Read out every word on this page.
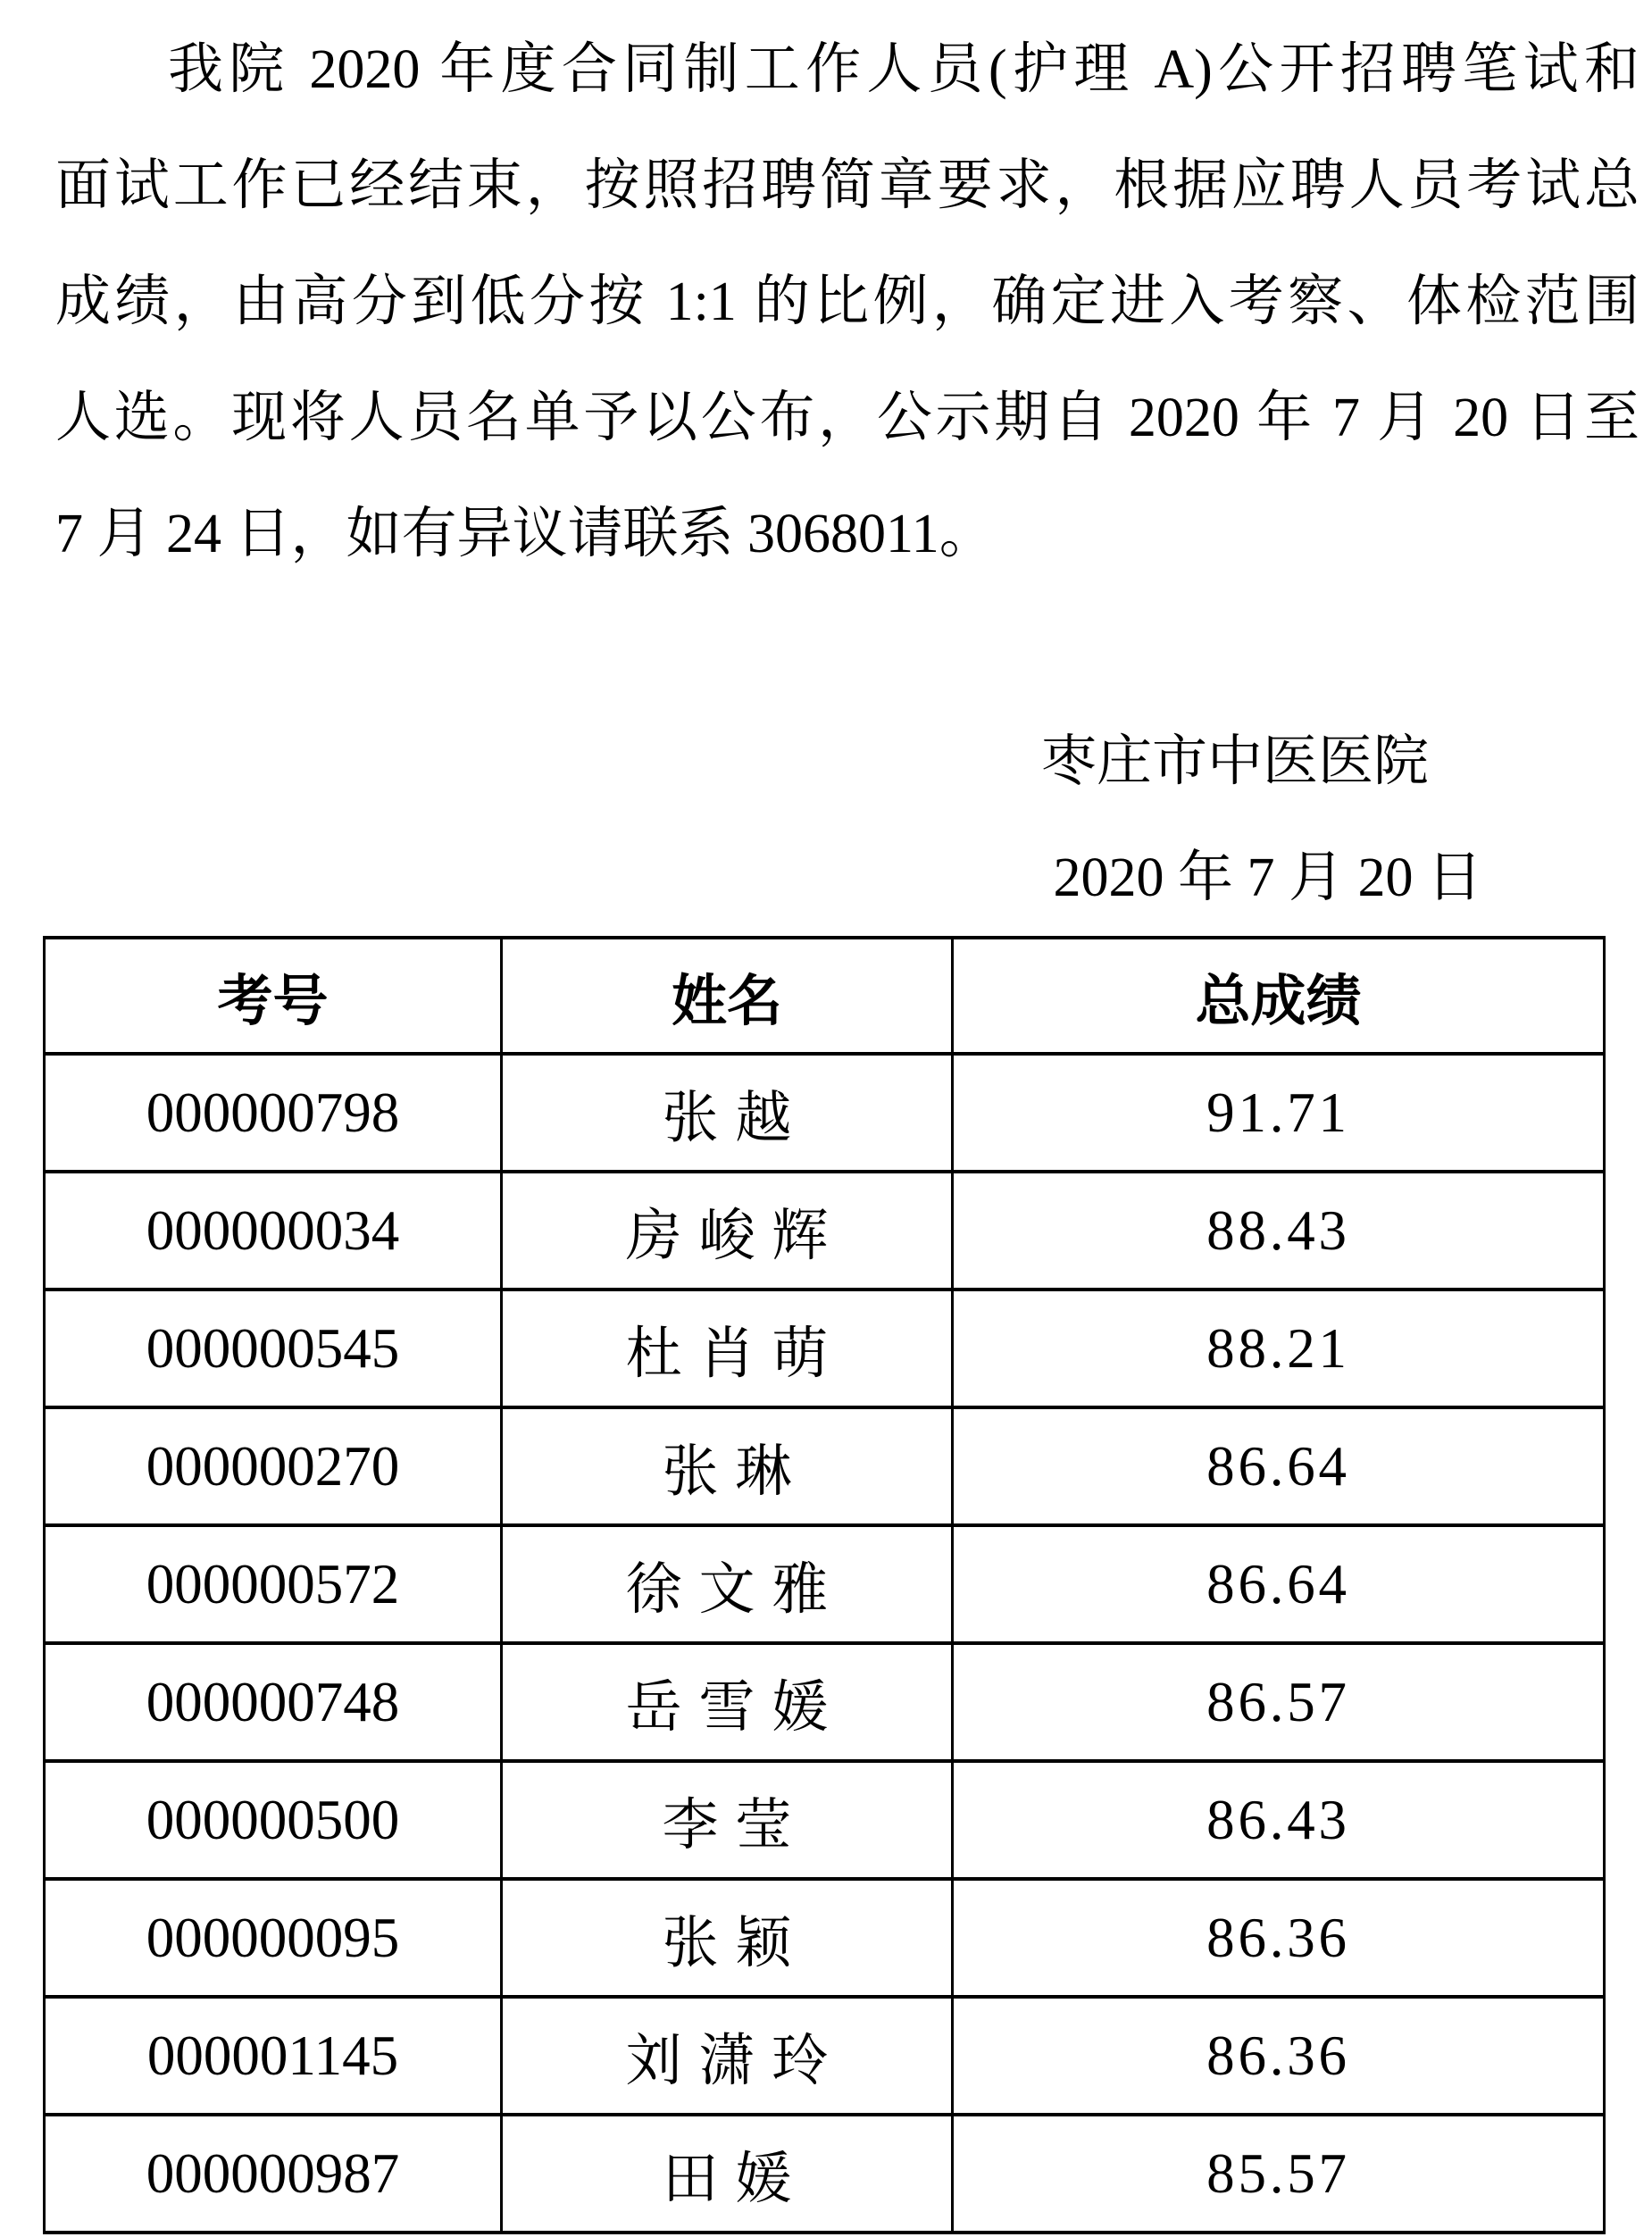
我院 2020 年度合同制工作人员(护理 A)公开招聘笔试和
面试工作已经结束，按照招聘简章要求，根据应聘人员考试总
成绩，由高分到低分按 1:1 的比例，确定进入考察、体检范围
人选。现将人员名单予以公布，公示期自 2020 年 7 月 20 日至
7 月 24 日，如有异议请联系 3068011。
枣庄市中医医院
2020 年 7 月 20 日
考号	姓名	总成绩
000000798	张越	91.71
000000034	房峻辉	88.43
000000545	杜肖萌	88.21
000000270	张琳	86.64
000000572	徐文雅	86.64
000000748	岳雪媛	86.57
000000500	李莹	86.43
000000095	张颖	86.36
000001145	刘潇玲	86.36
000000987	田媛	85.57
